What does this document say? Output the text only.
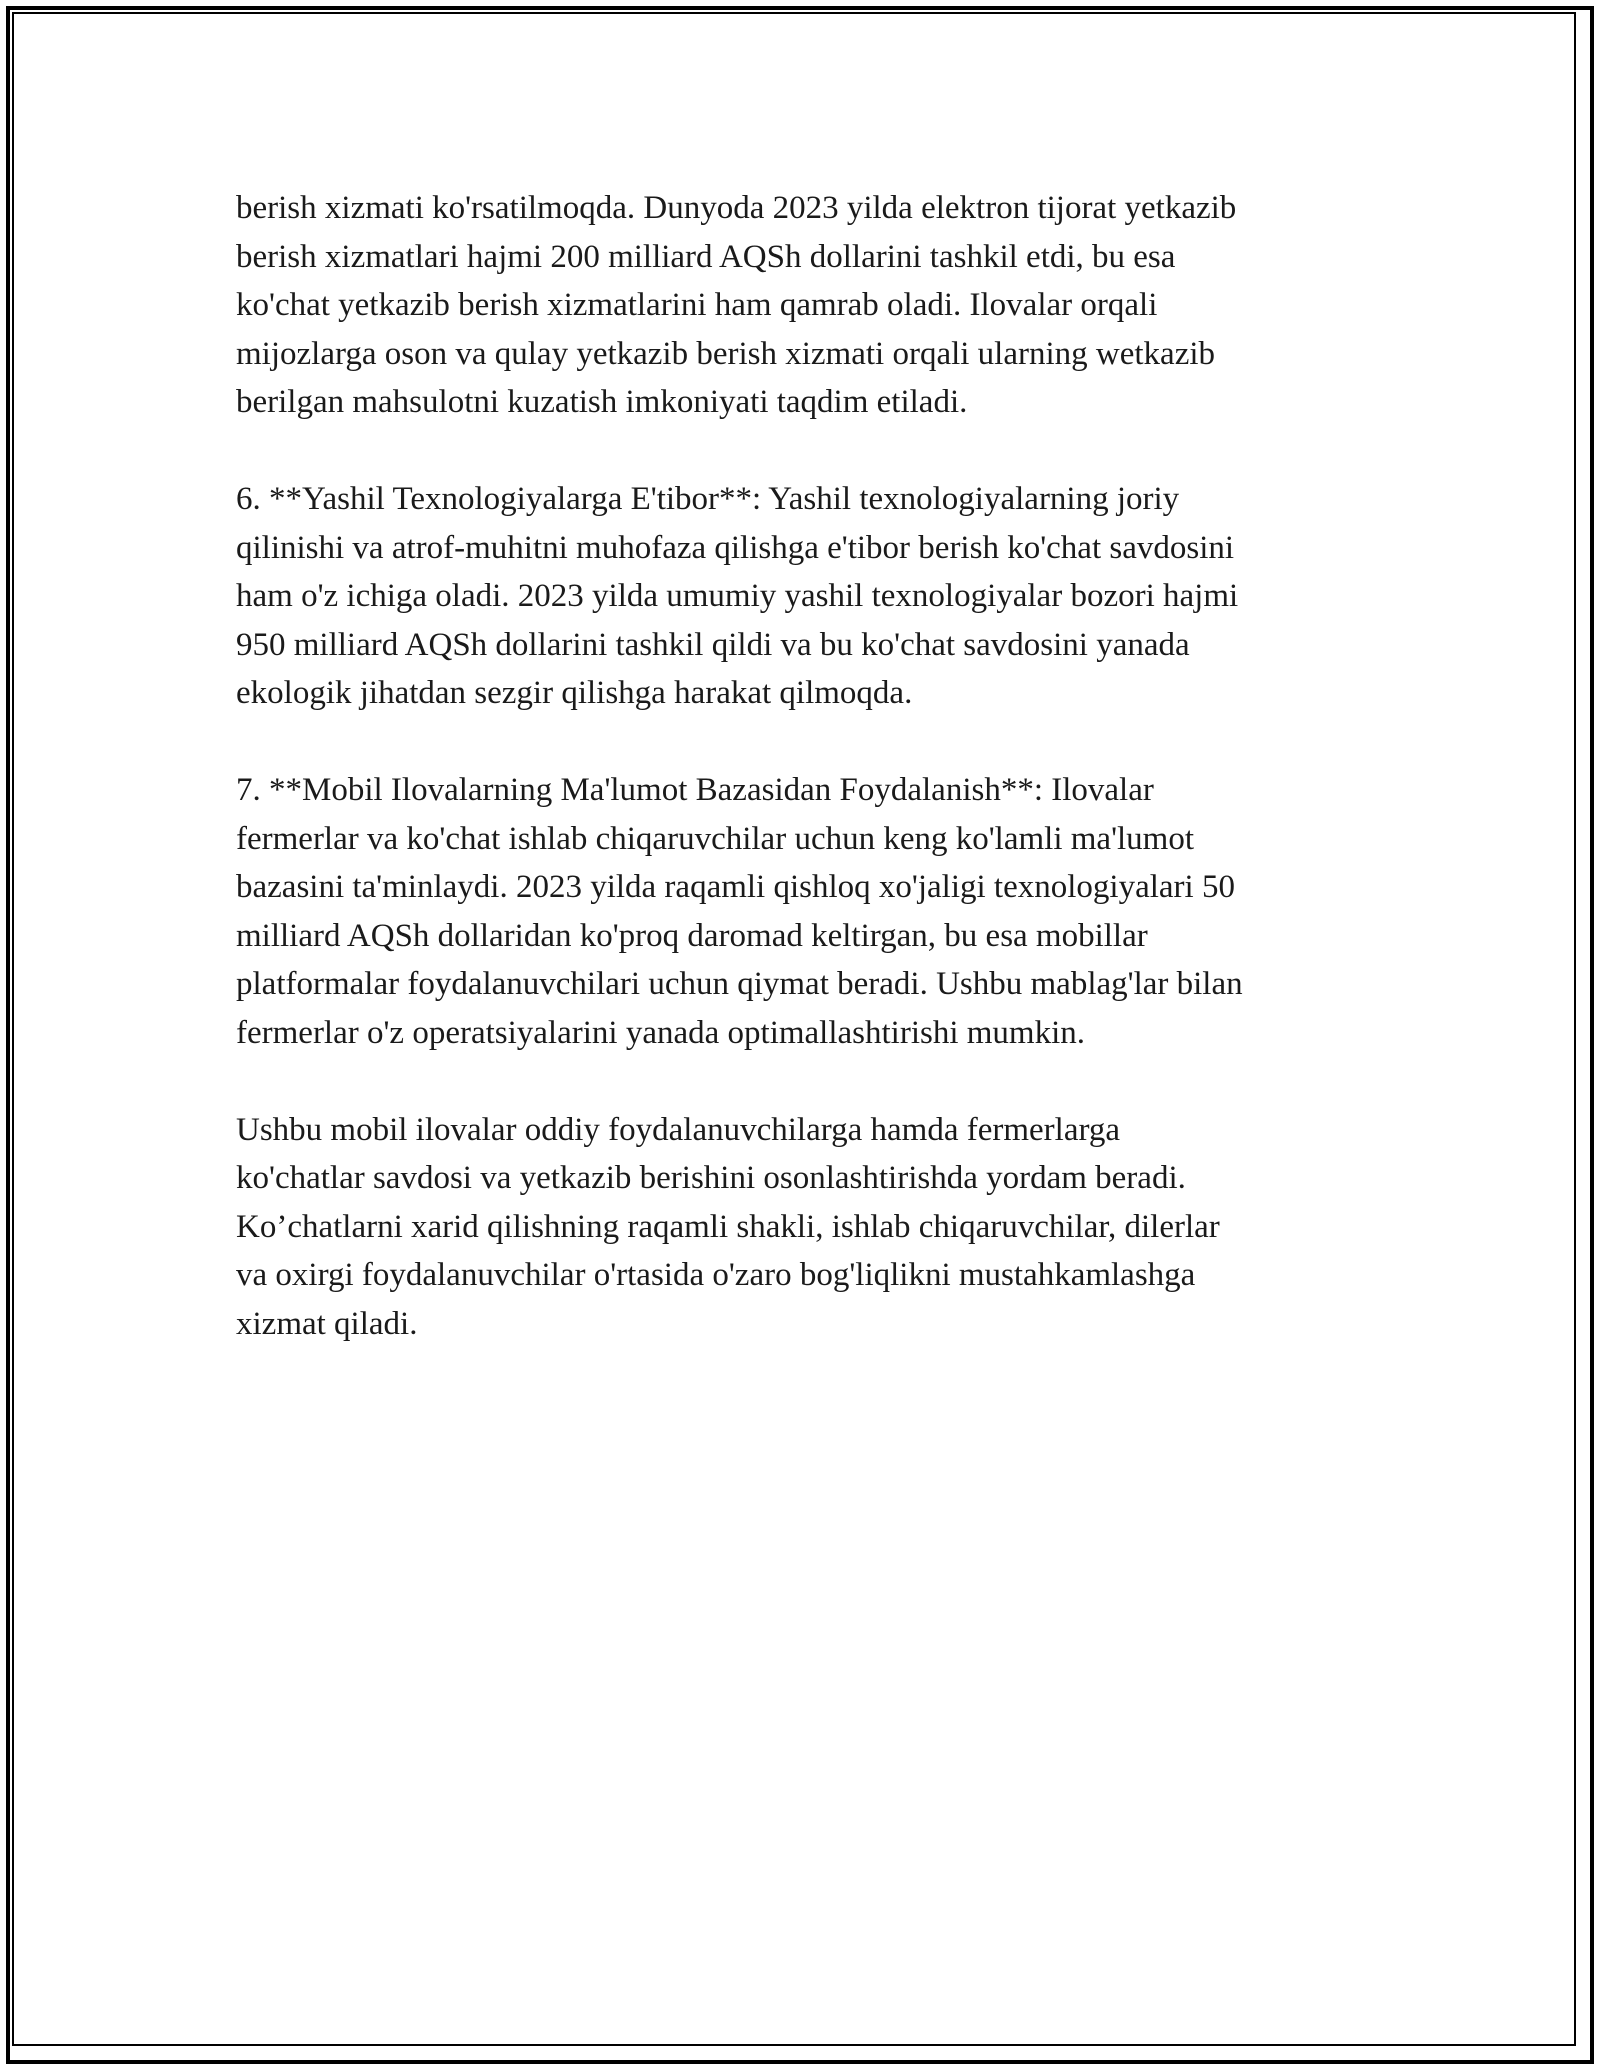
berish xizmati ko'rsatilmoqda. Dunyoda 2023 yilda elektron tijorat yetkazib
berish xizmatlari hajmi 200 milliard AQSh dollarini tashkil etdi, bu esa
ko'chat yetkazib berish xizmatlarini ham qamrab oladi. Ilovalar orqali
mijozlarga oson va qulay yetkazib berish xizmati orqali ularning wetkazib
berilgan mahsulotni kuzatish imkoniyati taqdim etiladi.

6. **Yashil Texnologiyalarga E'tibor**: Yashil texnologiyalarning joriy
qilinishi va atrof-muhitni muhofaza qilishga e'tibor berish ko'chat savdosini
ham o'z ichiga oladi. 2023 yilda umumiy yashil texnologiyalar bozori hajmi
950 milliard AQSh dollarini tashkil qildi va bu ko'chat savdosini yanada
ekologik jihatdan sezgir qilishga harakat qilmoqda.

7. **Mobil Ilovalarning Ma'lumot Bazasidan Foydalanish**: Ilovalar
fermerlar va ko'chat ishlab chiqaruvchilar uchun keng ko'lamli ma'lumot
bazasini ta'minlaydi. 2023 yilda raqamli qishloq xo'jaligi texnologiyalari 50
milliard AQSh dollaridan ko'proq daromad keltirgan, bu esa mobillar
platformalar foydalanuvchilari uchun qiymat beradi. Ushbu mablag'lar bilan
fermerlar o'z operatsiyalarini yanada optimallashtirishi mumkin.

Ushbu mobil ilovalar oddiy foydalanuvchilarga hamda fermerlarga
ko'chatlar savdosi va yetkazib berishini osonlashtirishda yordam beradi.
Ko’chatlarni xarid qilishning raqamli shakli, ishlab chiqaruvchilar, dilerlar
va oxirgi foydalanuvchilar o'rtasida o'zaro bog'liqlikni mustahkamlashga
xizmat qiladi.
